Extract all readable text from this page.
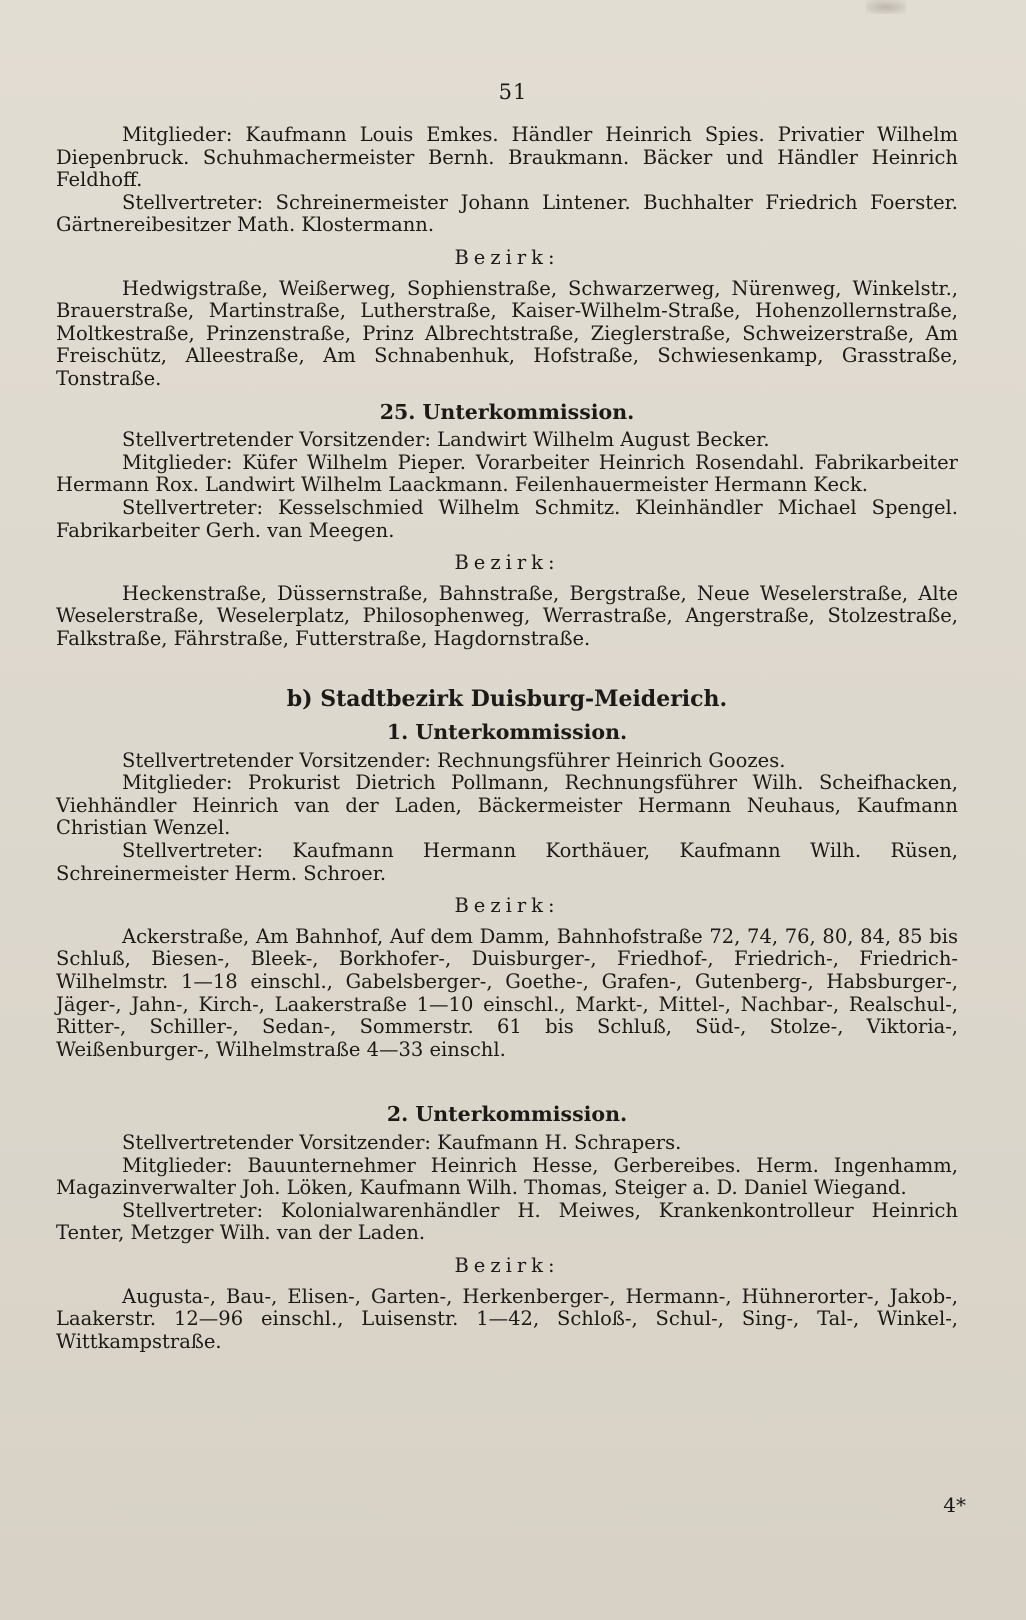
51

Mitglieder: Kaufmann Louis Emkes. Händler Heinrich Spies. Privatier Wilhelm Diepenbruck. Schuhmachermeister Bernh. Braukmann. Bäcker und Händler Heinrich Feldhoff.

Stellvertreter: Schreinermeister Johann Lintener. Buchhalter Friedrich Foerster. Gärtnereibesitzer Math. Klostermann.

Bezirk:

Hedwigstraße, Weißerweg, Sophienstraße, Schwarzerweg, Nürenweg, Winkelstr., Brauerstraße, Martinstraße, Lutherstraße, Kaiser-Wilhelm-Straße, Hohenzollernstraße, Moltkestraße, Prinzenstraße, Prinz Albrechtstraße, Zieglerstraße, Schweizerstraße, Am Freischütz, Alleestraße, Am Schnabenhuk, Hofstraße, Schwiesenkamp, Grasstraße, Tonstraße.

25. Unterkommission.

Stellvertretender Vorsitzender: Landwirt Wilhelm August Becker.

Mitglieder: Küfer Wilhelm Pieper. Vorarbeiter Heinrich Rosendahl. Fabrikarbeiter Hermann Rox. Landwirt Wilhelm Laackmann. Feilenhauermeister Hermann Keck.

Stellvertreter: Kesselschmied Wilhelm Schmitz. Kleinhändler Michael Spengel. Fabrikarbeiter Gerh. van Meegen.

Bezirk:

Heckenstraße, Düssernstraße, Bahnstraße, Bergstraße, Neue Weselerstraße, Alte Weselerstraße, Weselerplatz, Philosophenweg, Werrastraße, Angerstraße, Stolzestraße, Falkstraße, Fährstraße, Futterstraße, Hagdornstraße.

b) Stadtbezirk Duisburg-Meiderich.

1. Unterkommission.

Stellvertretender Vorsitzender: Rechnungsführer Heinrich Goozes.

Mitglieder: Prokurist Dietrich Pollmann, Rechnungsführer Wilh. Scheifhacken, Viehhändler Heinrich van der Laden, Bäckermeister Hermann Neuhaus, Kaufmann Christian Wenzel.

Stellvertreter: Kaufmann Hermann Korthäuer, Kaufmann Wilh. Rüsen, Schreinermeister Herm. Schroer.

Bezirk:

Ackerstraße, Am Bahnhof, Auf dem Damm, Bahnhofstraße 72, 74, 76, 80, 84, 85 bis Schluß, Biesen-, Bleek-, Borkhofer-, Duisburger-, Friedhof-, Friedrich-, Friedrich-Wilhelmstr. 1—18 einschl., Gabelsberger-, Goethe-, Grafen-, Gutenberg-, Habsburger-, Jäger-, Jahn-, Kirch-, Laakerstraße 1—10 einschl., Markt-, Mittel-, Nachbar-, Realschul-, Ritter-, Schiller-, Sedan-, Sommerstr. 61 bis Schluß, Süd-, Stolze-, Viktoria-, Weißenburger-, Wilhelmstraße 4—33 einschl.

2. Unterkommission.

Stellvertretender Vorsitzender: Kaufmann H. Schrapers.

Mitglieder: Bauunternehmer Heinrich Hesse, Gerbereibes. Herm. Ingenhamm, Magazinverwalter Joh. Löken, Kaufmann Wilh. Thomas, Steiger a. D. Daniel Wiegand.

Stellvertreter: Kolonialwarenhändler H. Meiwes, Krankenkontrolleur Heinrich Tenter, Metzger Wilh. van der Laden.

Bezirk:

Augusta-, Bau-, Elisen-, Garten-, Herkenberger-, Hermann-, Hühnerorter-, Jakob-, Laakerstr. 12—96 einschl., Luisenstr. 1—42, Schloß-, Schul-, Sing-, Tal-, Winkel-, Wittkampstraße.

4*
